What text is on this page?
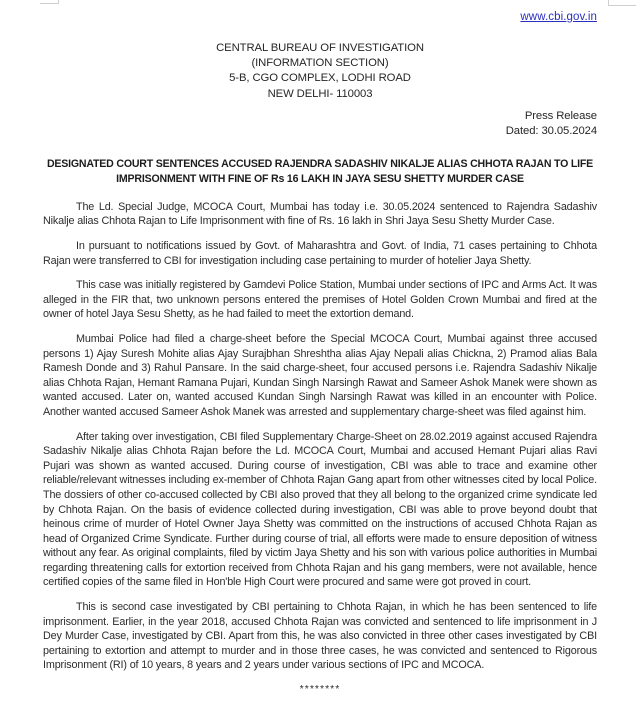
www.cbi.gov.in
CENTRAL BUREAU OF INVESTIGATION
(INFORMATION SECTION)
5-B, CGO COMPLEX, LODHI ROAD
NEW DELHI- 110003
Press Release
Dated: 30.05.2024
DESIGNATED COURT SENTENCES ACCUSED RAJENDRA SADASHIV NIKALJE ALIAS CHHOTA RAJAN TO LIFE IMPRISONMENT WITH FINE OF Rs 16 LAKH IN JAYA SESU SHETTY MURDER CASE

The Ld. Special Judge, MCOCA Court, Mumbai has today i.e. 30.05.2024 sentenced to Rajendra Sadashiv Nikalje alias Chhota Rajan to Life Imprisonment with fine of Rs. 16 lakh in Shri Jaya Sesu Shetty Murder Case.

In pursuant to notifications issued by Govt. of Maharashtra and Govt. of India, 71 cases pertaining to Chhota Rajan were transferred to CBI for investigation including case pertaining to murder of hotelier Jaya Shetty.

This case was initially registered by Gamdevi Police Station, Mumbai under sections of IPC and Arms Act. It was alleged in the FIR that, two unknown persons entered the premises of Hotel Golden Crown Mumbai and fired at the owner of hotel Jaya Sesu Shetty, as he had failed to meet the extortion demand.

Mumbai Police had filed a charge-sheet before the Special MCOCA Court, Mumbai against three accused persons 1) Ajay Suresh Mohite alias Ajay Surajbhan Shreshtha alias Ajay Nepali alias Chickna, 2) Pramod alias Bala Ramesh Donde and 3) Rahul Pansare. In the said charge-sheet, four accused persons i.e. Rajendra Sadashiv Nikalje alias Chhota Rajan, Hemant Ramana Pujari, Kundan Singh Narsingh Rawat and Sameer Ashok Manek were shown as wanted accused. Later on, wanted accused Kundan Singh Narsingh Rawat was killed in an encounter with Police. Another wanted accused Sameer Ashok Manek was arrested and supplementary charge-sheet was filed against him.

After taking over investigation, CBI filed Supplementary Charge-Sheet on 28.02.2019 against accused Rajendra Sadashiv Nikalje alias Chhota Rajan before the Ld. MCOCA Court, Mumbai and accused Hemant Pujari alias Ravi Pujari was shown as wanted accused. During course of investigation, CBI was able to trace and examine other reliable/relevant witnesses including ex-member of Chhota Rajan Gang apart from other witnesses cited by local Police. The dossiers of other co-accused collected by CBI also proved that they all belong to the organized crime syndicate led by Chhota Rajan. On the basis of evidence collected during investigation, CBI was able to prove beyond doubt that heinous crime of murder of Hotel Owner Jaya Shetty was committed on the instructions of accused Chhota Rajan as head of Organized Crime Syndicate. Further during course of trial, all efforts were made to ensure deposition of witness without any fear. As original complaints, filed by victim Jaya Shetty and his son with various police authorities in Mumbai regarding threatening calls for extortion received from Chhota Rajan and his gang members, were not available, hence certified copies of the same filed in Hon'ble High Court were procured and same were got proved in court.

This is second case investigated by CBI pertaining to Chhota Rajan, in which he has been sentenced to life imprisonment. Earlier, in the year 2018, accused Chhota Rajan was convicted and sentenced to life imprisonment in J Dey Murder Case, investigated by CBI. Apart from this, he was also convicted in three other cases investigated by CBI pertaining to extortion and attempt to murder and in those three cases, he was convicted and sentenced to Rigorous Imprisonment (RI) of 10 years, 8 years and 2 years under various sections of IPC and MCOCA.

********
